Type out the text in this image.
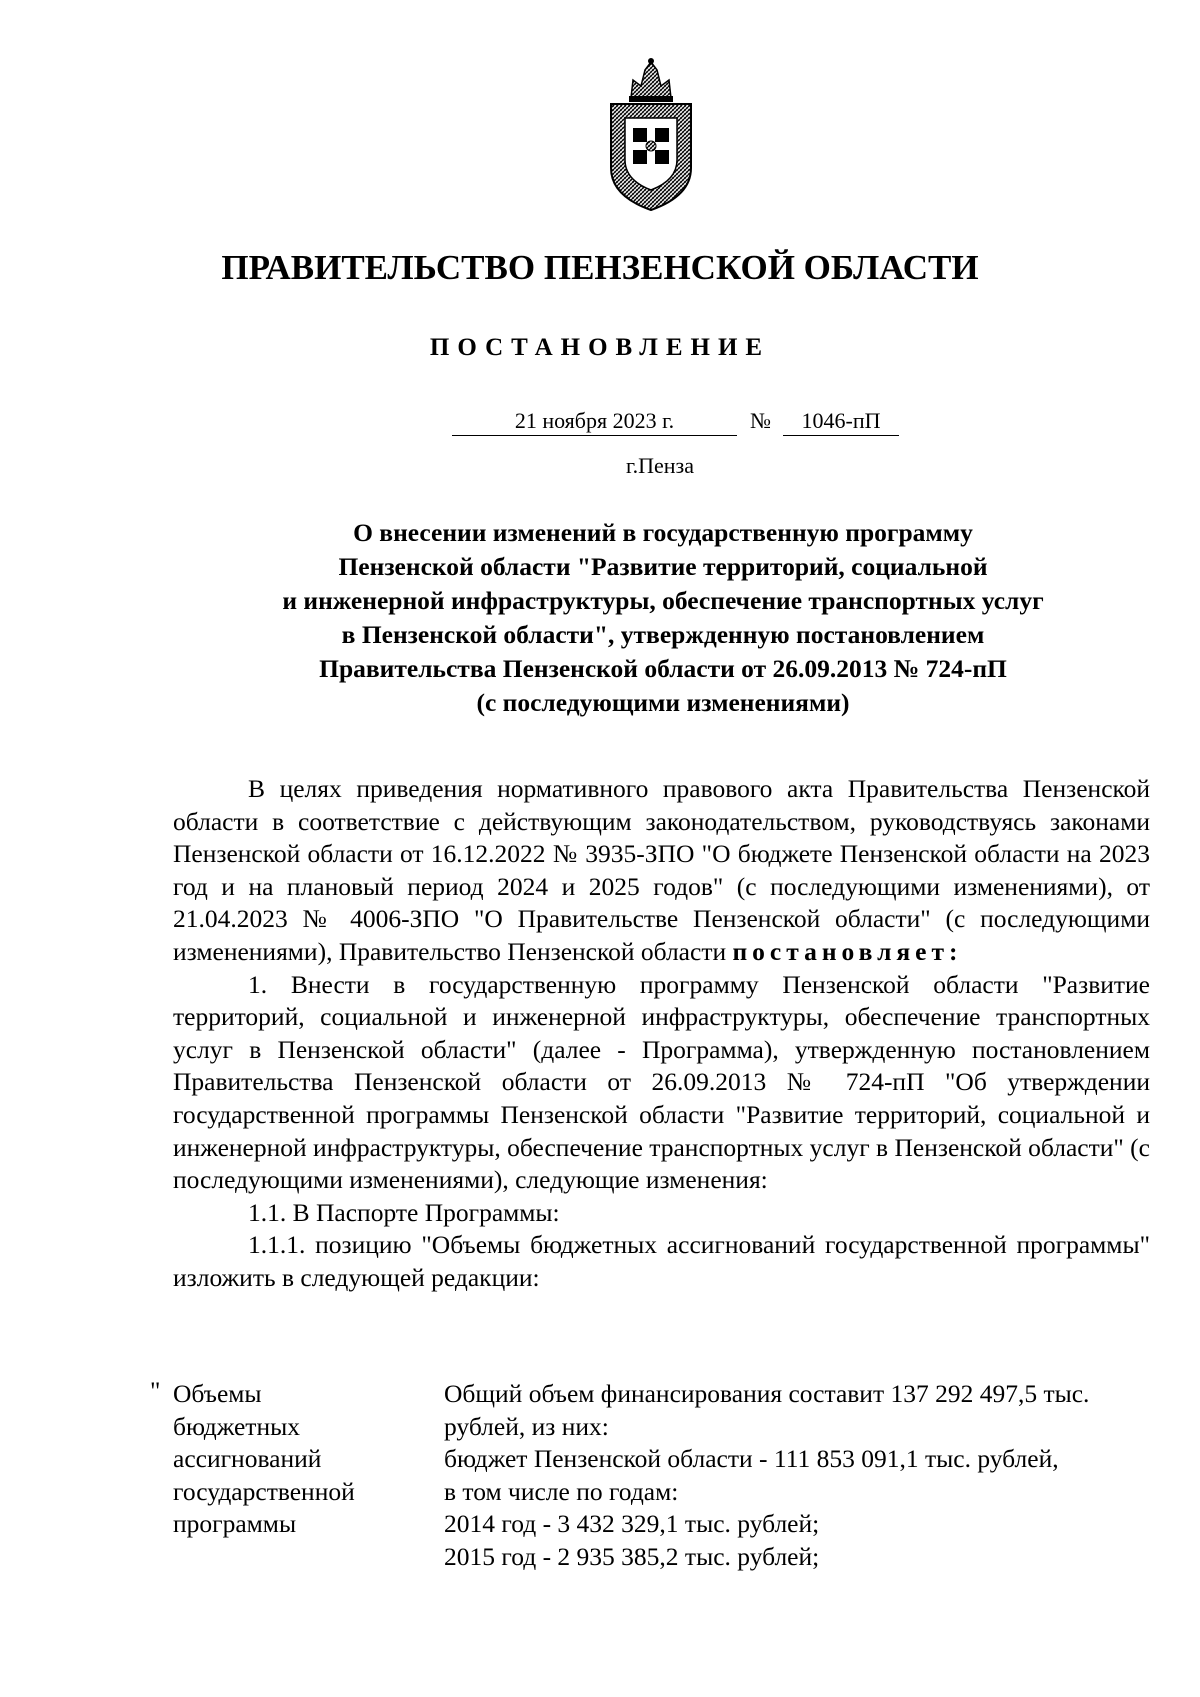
ПРАВИТЕЛЬСТВО ПЕНЗЕНСКОЙ ОБЛАСТИ
ПОСТАНОВЛЕНИЕ
21 ноября 2023 г.	№	1046-пП
г.Пенза
О внесении изменений в государственную программу
Пензенской области "Развитие территорий, социальной
и инженерной инфраструктуры, обеспечение транспортных услуг
в Пензенской области", утвержденную постановлением
Правительства Пензенской области от 26.09.2013 № 724-пП
(с последующими изменениями)

В целях приведения нормативного правового акта Правительства Пензенской области в соответствие с действующим законодательством, руководствуясь законами Пензенской области от 16.12.2022 № 3935-ЗПО "О бюджете Пензенской области на 2023 год и на плановый период 2024 и 2025 годов" (с последующими изменениями), от 21.04.2023 № 4006-ЗПО "О Правительстве Пензенской области" (с последующими изменениями), Правительство Пензенской области постановляет:

1. Внести в государственную программу Пензенской области "Развитие территорий, социальной и инженерной инфраструктуры, обеспечение транспортных услуг в Пензенской области" (далее - Программа), утвержденную постановлением Правительства Пензенской области от 26.09.2013 № 724-пП "Об утверждении государственной программы Пензенской области "Развитие территорий, социальной и инженерной инфраструктуры, обеспечение транспортных услуг в Пензенской области" (с последующими изменениями), следующие изменения:

1.1. В Паспорте Программы:

1.1.1. позицию "Объемы бюджетных ассигнований государственной программы" изложить в следующей редакции:

" Объемы
бюджетных
ассигнований
государственной
программы
Общий объем финансирования составит 137 292 497,5 тыс.
рублей, из них:
бюджет Пензенской области - 111 853 091,1 тыс. рублей,
в том числе по годам:
2014 год - 3 432 329,1 тыс. рублей;
2015 год - 2 935 385,2 тыс. рублей;
